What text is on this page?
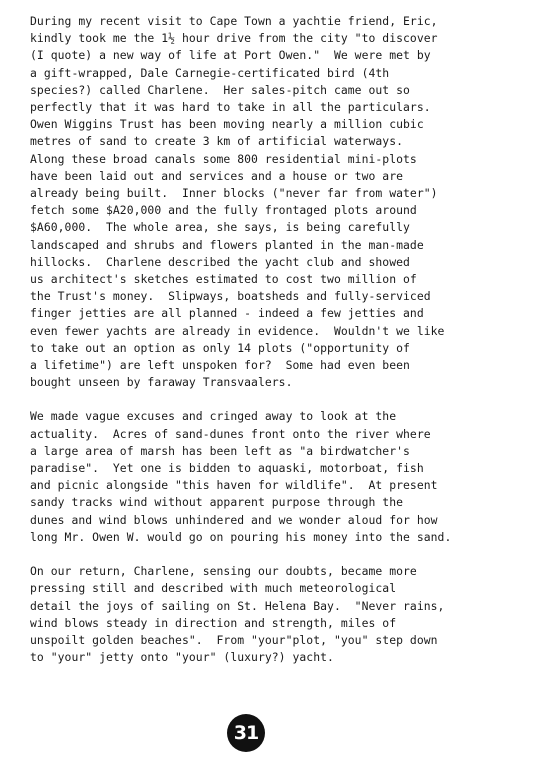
During my recent visit to Cape Town a yachtie friend, Eric,
kindly took me the 1½ hour drive from the city "to discover
(I quote) a new way of life at Port Owen."  We were met by
a gift-wrapped, Dale Carnegie-certificated bird (4th
species?) called Charlene.  Her sales-pitch came out so
perfectly that it was hard to take in all the particulars.
Owen Wiggins Trust has been moving nearly a million cubic
metres of sand to create 3 km of artificial waterways.
Along these broad canals some 800 residential mini-plots
have been laid out and services and a house or two are
already being built.  Inner blocks ("never far from water")
fetch some $A20,000 and the fully frontaged plots around
$A60,000.  The whole area, she says, is being carefully
landscaped and shrubs and flowers planted in the man-made
hillocks.  Charlene described the yacht club and showed
us architect's sketches estimated to cost two million of
the Trust's money.  Slipways, boatsheds and fully-serviced
finger jetties are all planned - indeed a few jetties and
even fewer yachts are already in evidence.  Wouldn't we like
to take out an option as only 14 plots ("opportunity of
a lifetime") are left unspoken for?  Some had even been
bought unseen by faraway Transvaalers.
We made vague excuses and cringed away to look at the
actuality.  Acres of sand-dunes front onto the river where
a large area of marsh has been left as "a birdwatcher's
paradise".  Yet one is bidden to aquaski, motorboat, fish
and picnic alongside "this haven for wildlife".  At present
sandy tracks wind without apparent purpose through the
dunes and wind blows unhindered and we wonder aloud for how
long Mr. Owen W. would go on pouring his money into the sand.
On our return, Charlene, sensing our doubts, became more
pressing still and described with much meteorological
detail the joys of sailing on St. Helena Bay.  "Never rains,
wind blows steady in direction and strength, miles of
unspoilt golden beaches".  From "your"plot, "you" step down
to "your" jetty onto "your" (luxury?) yacht.
31
